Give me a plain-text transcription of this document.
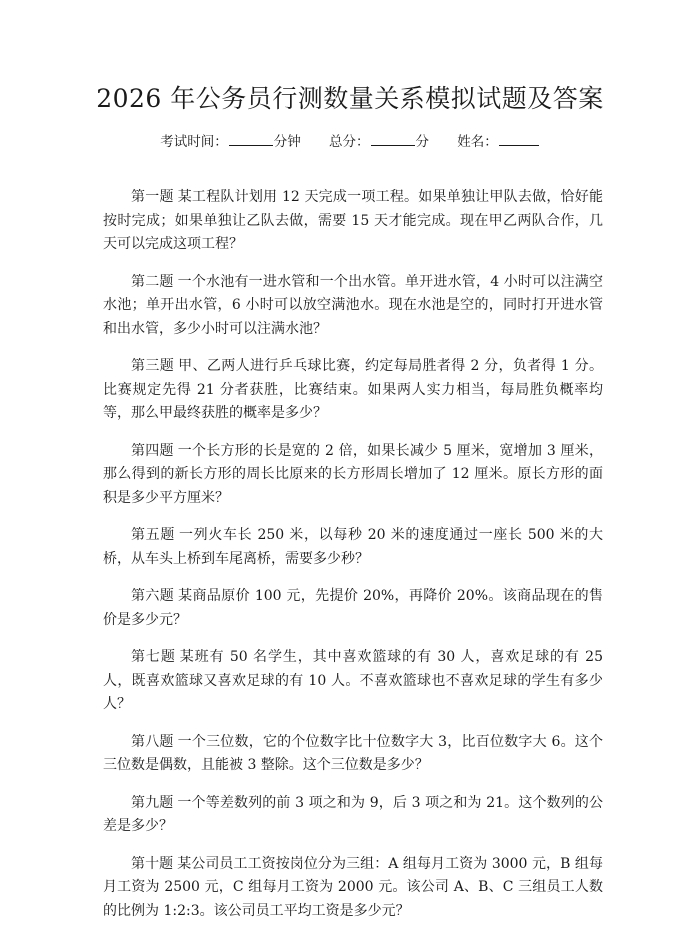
2026 年公务员行测数量关系模拟试题及答案
考试时间：	分钟 总分：	分 姓名：

第一题 某工程队计划用 12 天完成一项工程。如果单独让甲队去做，恰好能按时完成；如果单独让乙队去做，需要 15 天才能完成。现在甲乙两队合作，几天可以完成这项工程？

第二题 一个水池有一进水管和一个出水管。单开进水管，4 小时可以注满空水池；单开出水管，6 小时可以放空满池水。现在水池是空的，同时打开进水管和出水管，多少小时可以注满水池？

第三题 甲、乙两人进行乒乓球比赛，约定每局胜者得 2 分，负者得 1 分。比赛规定先得 21 分者获胜，比赛结束。如果两人实力相当，每局胜负概率均等，那么甲最终获胜的概率是多少？

第四题 一个长方形的长是宽的 2 倍，如果长减少 5 厘米，宽增加 3 厘米，那么得到的新长方形的周长比原来的长方形周长增加了 12 厘米。原长方形的面积是多少平方厘米？

第五题 一列火车长 250 米，以每秒 20 米的速度通过一座长 500 米的大桥，从车头上桥到车尾离桥，需要多少秒？

第六题 某商品原价 100 元，先提价 20%，再降价 20%。该商品现在的售价是多少元？

第七题 某班有 50 名学生，其中喜欢篮球的有 30 人，喜欢足球的有 25 人，既喜欢篮球又喜欢足球的有 10 人。不喜欢篮球也不喜欢足球的学生有多少人？

第八题 一个三位数，它的个位数字比十位数字大 3，比百位数字大 6。这个三位数是偶数，且能被 3 整除。这个三位数是多少？

第九题 一个等差数列的前 3 项之和为 9，后 3 项之和为 21。这个数列的公差是多少？

第十题 某公司员工工资按岗位分为三组：A 组每月工资为 3000 元，B 组每月工资为 2500 元，C 组每月工资为 2000 元。该公司 A、B、C 三组员工人数的比例为 1:2:3。该公司员工平均工资是多少元？
